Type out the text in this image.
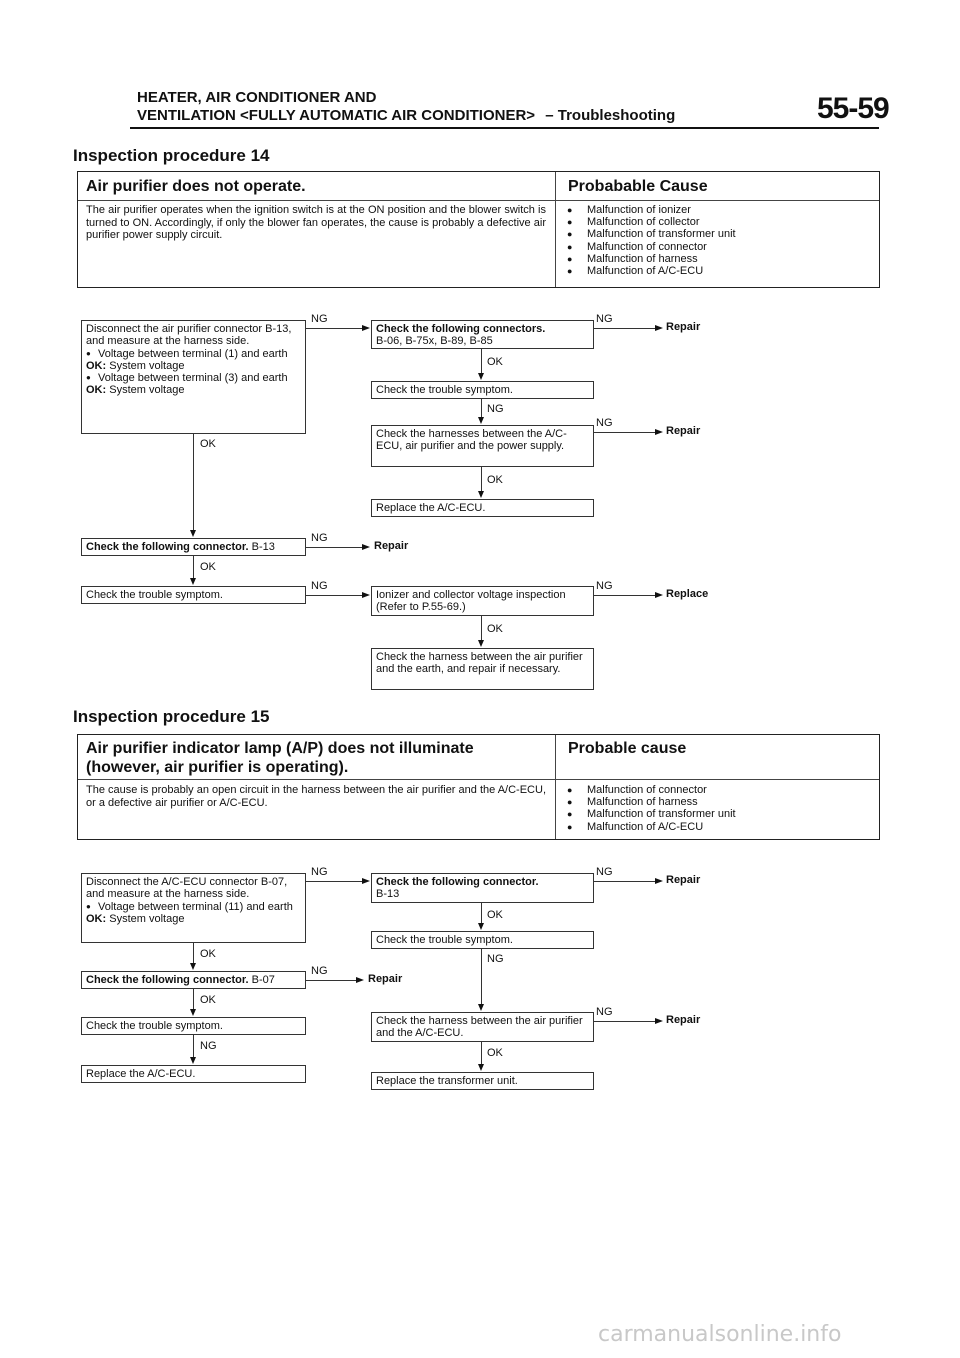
HEATER, AIR CONDITIONER AND
VENTILATION <FULLY AUTOMATIC AIR CONDITIONER> – Troubleshooting	55-59
Inspection procedure 14
Air purifier does not operate.	Probabable Cause
The air purifier operates when the ignition switch is at the ON position and the blower switch is turned to ON. Accordingly, if only the blower fan operates, the cause is probably a defective air purifier power supply circuit.
● Malfunction of ionizer
● Malfunction of collector
● Malfunction of transformer unit
● Malfunction of connector
● Malfunction of harness
● Malfunction of A/C-ECU
Disconnect the air purifier connector B-13, and measure at the harness side.
● Voltage between terminal (1) and earth
OK: System voltage
● Voltage between terminal (3) and earth
OK: System voltage
NG
Check the following connectors.
B-06, B-75x, B-89, B-85
NG
Repair
OK
Check the trouble symptom.
NG
Check the harnesses between the A/C-ECU, air purifier and the power supply.
NG
Repair
OK
Replace the A/C-ECU.
OK
Check the following connector. B-13
NG
Repair
OK
Check the trouble symptom.
NG
Ionizer and collector voltage inspection (Refer to P.55-69.)
NG
Replace
OK
Check the harness between the air purifier and the earth, and repair if necessary.
Inspection procedure 15
Air purifier indicator lamp (A/P) does not illuminate
(however, air purifier is operating).
Probable cause
The cause is probably an open circuit in the harness between the air purifier and the A/C-ECU, or a defective air purifier or A/C-ECU.
● Malfunction of connector
● Malfunction of harness
● Malfunction of transformer unit
● Malfunction of A/C-ECU
Disconnect the A/C-ECU connector B-07, and measure at the harness side.
● Voltage between terminal (11) and earth
OK: System voltage
NG
Check the following connector.
B-13
NG
Repair
OK
Check the trouble symptom.
NG
Check the harness between the air purifier and the A/C-ECU.
NG
Repair
OK
Replace the transformer unit.
OK
Check the following connector. B-07
NG
Repair
OK
Check the trouble symptom.
NG
Replace the A/C-ECU.
carmanualsonline.info
